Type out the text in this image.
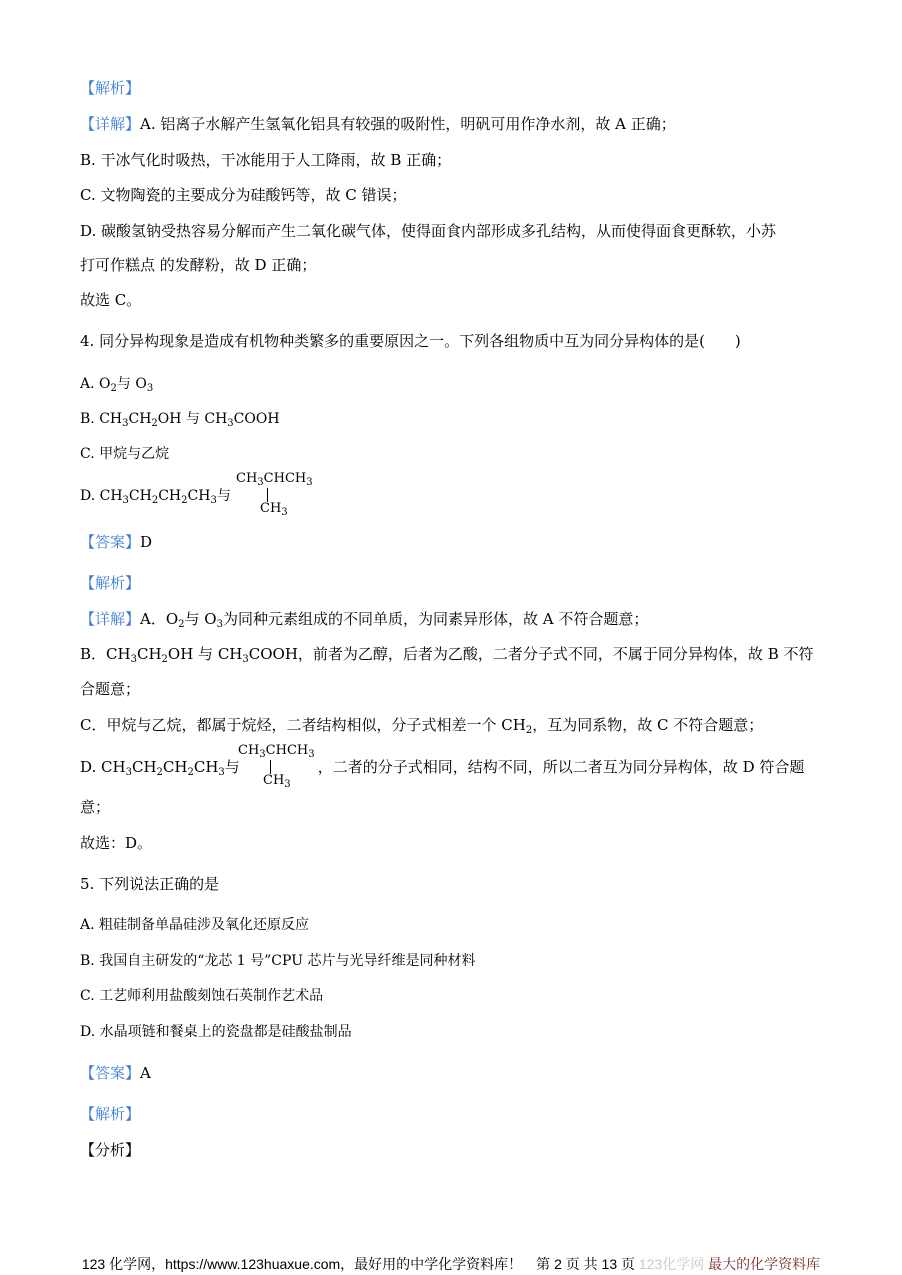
【解析】
【详解】A. 铝离子水解产生氢氧化铝具有较强的吸附性，明矾可用作净水剂，故 A 正确；
B. 干冰气化时吸热，干冰能用于人工降雨，故 B 正确；
C. 文物陶瓷的主要成分为硅酸钙等，故 C 错误；
D. 碳酸氢钠受热容易分解而产生二氧化碳气体，使得面食内部形成多孔结构，从而使得面食更酥软，小苏
打可作糕点 的发酵粉，故 D 正确；
故选 C。
4. 同分异构现象是造成有机物种类繁多的重要原因之一。下列各组物质中互为同分异构体的是(　　)
A. $O_2$与 $O_3$
B. $CH_3CH_2OH$ 与 $CH_3COOH$
C. 甲烷与乙烷
D. $CH_3CH_2CH_2CH_3$与
$CH_3CHCH_3$
$CH_3$
【答案】D
【解析】
【详解】A．$O_2$与 $O_3$为同种元素组成的不同单质，为同素异形体，故 A 不符合题意；
B．$CH_3CH_2OH$ 与 $CH_3COOH$，前者为乙醇，后者为乙酸，二者分子式不同，不属于同分异构体，故 B 不符
合题意；
C．甲烷与乙烷，都属于烷烃，二者结构相似，分子式相差一个 $CH_2$，互为同系物，故 C 不符合题意；
D. $CH_3CH_2CH_2CH_3$与	，二者的分子式相同，结构不同，所以二者互为同分异构体，故 D 符合题
$CH_3CHCH_3$
$CH_3$
意；
故选：D。
5. 下列说法正确的是
A. 粗硅制备单晶硅涉及氧化还原反应
B. 我国自主研发的“龙芯 1 号”CPU 芯片与光导纤维是同种材料
C. 工艺师利用盐酸刻蚀石英制作艺术品
D. 水晶项链和餐桌上的瓷盘都是硅酸盐制品
【答案】A
【解析】
【分析】
123 化学网，https://www.123huaxue.com，最好用的中学化学资料库！　第 2 页 共 13 页 123化学网 最大的化学资料库
